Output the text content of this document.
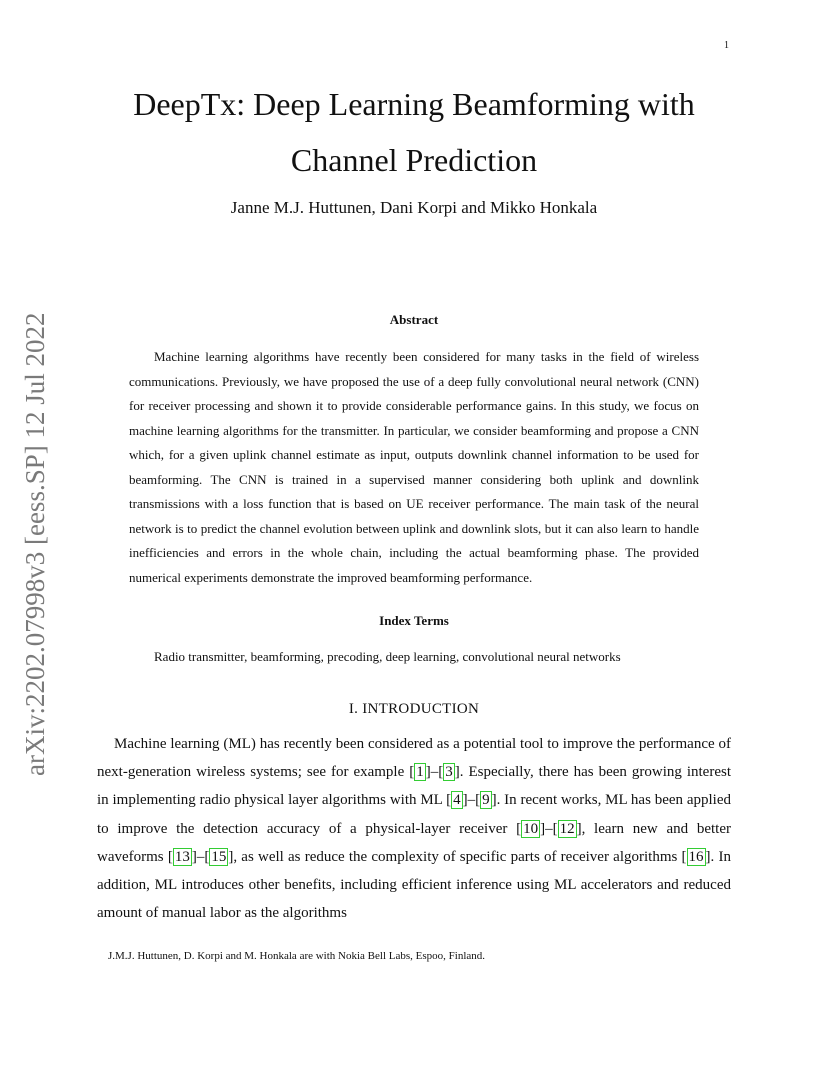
1
DeepTx: Deep Learning Beamforming with
Channel Prediction
Janne M.J. Huttunen, Dani Korpi and Mikko Honkala
arXiv:2202.07998v3 [eess.SP] 12 Jul 2022	Abstract

Machine learning algorithms have recently been considered for many tasks in the field of wireless communications. Previously, we have proposed the use of a deep fully convolutional neural network (CNN) for receiver processing and shown it to provide considerable performance gains. In this study, we focus on machine learning algorithms for the transmitter. In particular, we consider beamforming and propose a CNN which, for a given uplink channel estimate as input, outputs downlink channel information to be used for beamforming. The CNN is trained in a supervised manner considering both uplink and downlink transmissions with a loss function that is based on UE receiver performance. The main task of the neural network is to predict the channel evolution between uplink and downlink slots, but it can also learn to handle inefficiencies and errors in the whole chain, including the actual beamforming phase. The provided numerical experiments demonstrate the improved beamforming performance.

Index Terms

Radio transmitter, beamforming, precoding, deep learning, convolutional neural networks

I. INTRODUCTION

Machine learning (ML) has recently been considered as a potential tool to improve the performance of next-generation wireless systems; see for example [ 1 ]–[ 3 ]. Especially, there has been growing interest in implementing radio physical layer algorithms with ML [ 4 ]–[ 9 ]. In recent works, ML has been applied to improve the detection accuracy of a physical-layer receiver [ 10 ]–[ 12 ], learn new and better waveforms [ 13 ]–[ 15 ], as well as reduce the complexity of specific parts of receiver algorithms [ 16 ]. In addition, ML introduces other benefits, including efficient inference using ML accelerators and reduced amount of manual labor as the algorithms

J.M.J. Huttunen, D. Korpi and M. Honkala are with Nokia Bell Labs, Espoo, Finland.
